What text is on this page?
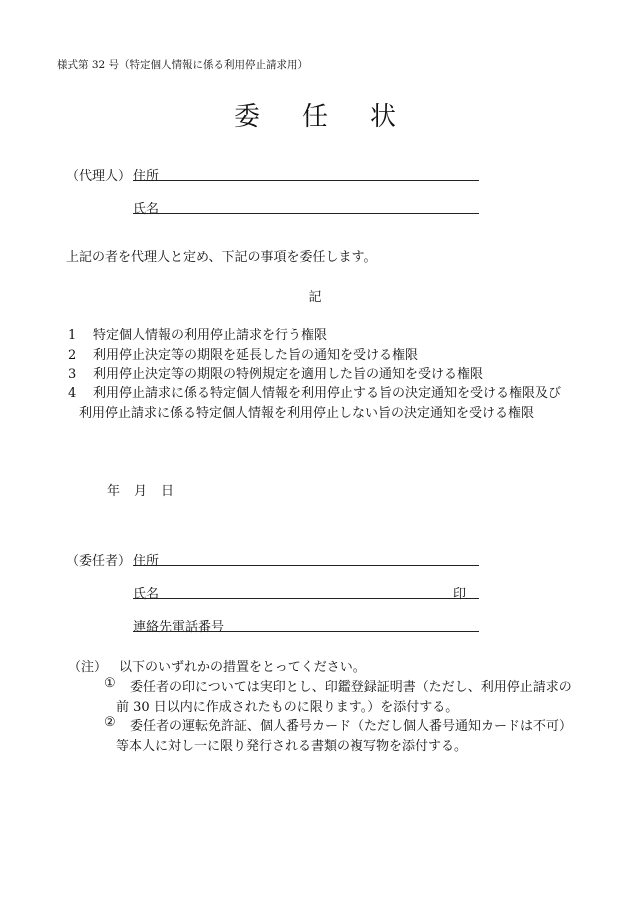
様式第 32 号（特定個人情報に係る利用停止請求用）
委任状
（代理人） 住所
氏名
上記の者を代理人と定め、下記の事項を委任します。
記
1 特定個人情報の利用停止請求を行う権限
2 利用停止決定等の期限を延長した旨の通知を受ける権限
3 利用停止決定等の期限の特例規定を適用した旨の通知を受ける権限
4 利用停止請求に係る特定個人情報を利用停止する旨の決定通知を受ける権限及び
利用停止請求に係る特定個人情報を利用停止しない旨の決定通知を受ける権限
年 月 日
（委任者） 住所
氏名	印
連絡先電話番号
（注） 以下のいずれかの措置をとってください。
① 委任者の印については実印とし、印鑑登録証明書（ただし、利用停止請求の
前 30 日以内に作成されたものに限ります。）を添付する。
② 委任者の運転免許証、個人番号カード（ただし個人番号通知カードは不可）
等本人に対し一に限り発行される書類の複写物を添付する。
